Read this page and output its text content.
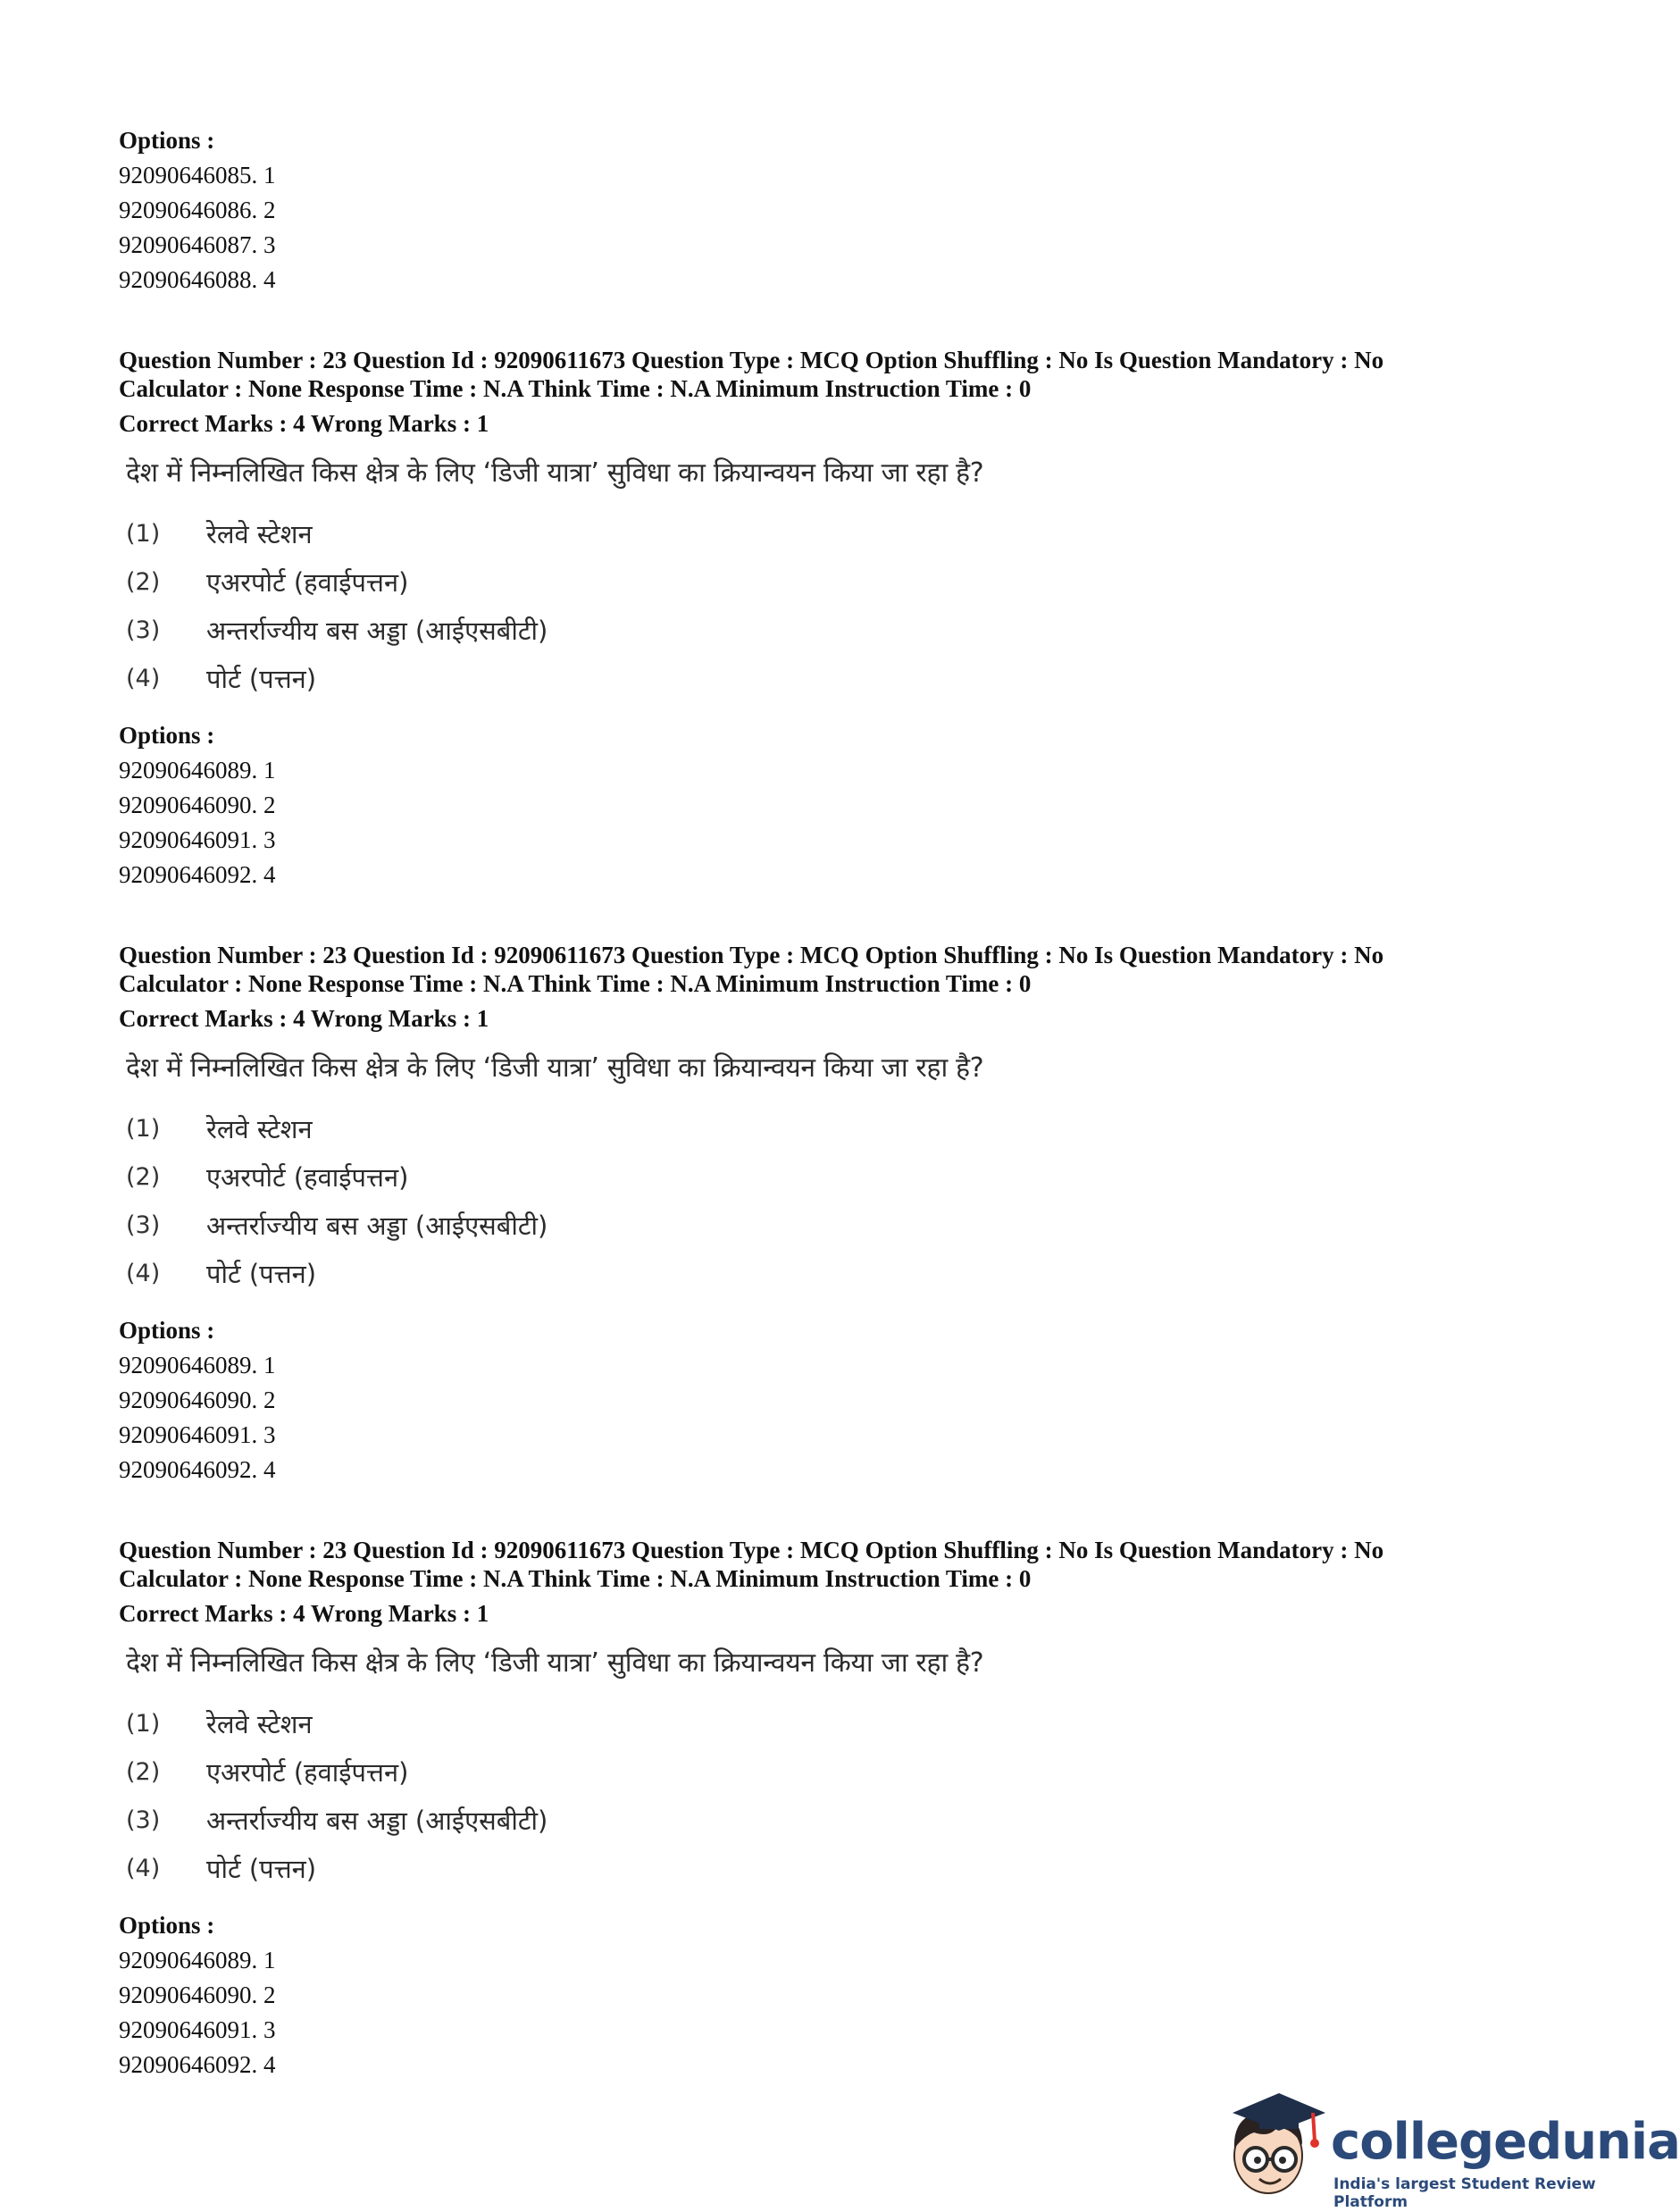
Options :
92090646085. 1
92090646086. 2
92090646087. 3
92090646088. 4
Question Number : 23 Question Id : 92090611673 Question Type : MCQ Option Shuffling : No Is Question Mandatory : No
Calculator : None Response Time : N.A Think Time : N.A Minimum Instruction Time : 0
Correct Marks : 4 Wrong Marks : 1
देश में निम्नलिखित किस क्षेत्र के लिए ‘डिजी यात्रा’ सुविधा का क्रियान्वयन किया जा रहा है?
(1)	रेलवे स्टेशन
(2)	एअरपोर्ट (हवाईपत्तन)
(3)	अन्तर्राज्यीय बस अड्डा (आईएसबीटी)
(4)	पोर्ट (पत्तन)
Options :
92090646089. 1
92090646090. 2
92090646091. 3
92090646092. 4
Question Number : 23 Question Id : 92090611673 Question Type : MCQ Option Shuffling : No Is Question Mandatory : No
Calculator : None Response Time : N.A Think Time : N.A Minimum Instruction Time : 0
Correct Marks : 4 Wrong Marks : 1
देश में निम्नलिखित किस क्षेत्र के लिए ‘डिजी यात्रा’ सुविधा का क्रियान्वयन किया जा रहा है?
(1)	रेलवे स्टेशन
(2)	एअरपोर्ट (हवाईपत्तन)
(3)	अन्तर्राज्यीय बस अड्डा (आईएसबीटी)
(4)	पोर्ट (पत्तन)
Options :
92090646089. 1
92090646090. 2
92090646091. 3
92090646092. 4
Question Number : 23 Question Id : 92090611673 Question Type : MCQ Option Shuffling : No Is Question Mandatory : No
Calculator : None Response Time : N.A Think Time : N.A Minimum Instruction Time : 0
Correct Marks : 4 Wrong Marks : 1
देश में निम्नलिखित किस क्षेत्र के लिए ‘डिजी यात्रा’ सुविधा का क्रियान्वयन किया जा रहा है?
(1)	रेलवे स्टेशन
(2)	एअरपोर्ट (हवाईपत्तन)
(3)	अन्तर्राज्यीय बस अड्डा (आईएसबीटी)
(4)	पोर्ट (पत्तन)
Options :
92090646089. 1
92090646090. 2
92090646091. 3
92090646092. 4
collegedunia
India's largest Student Review Platform
